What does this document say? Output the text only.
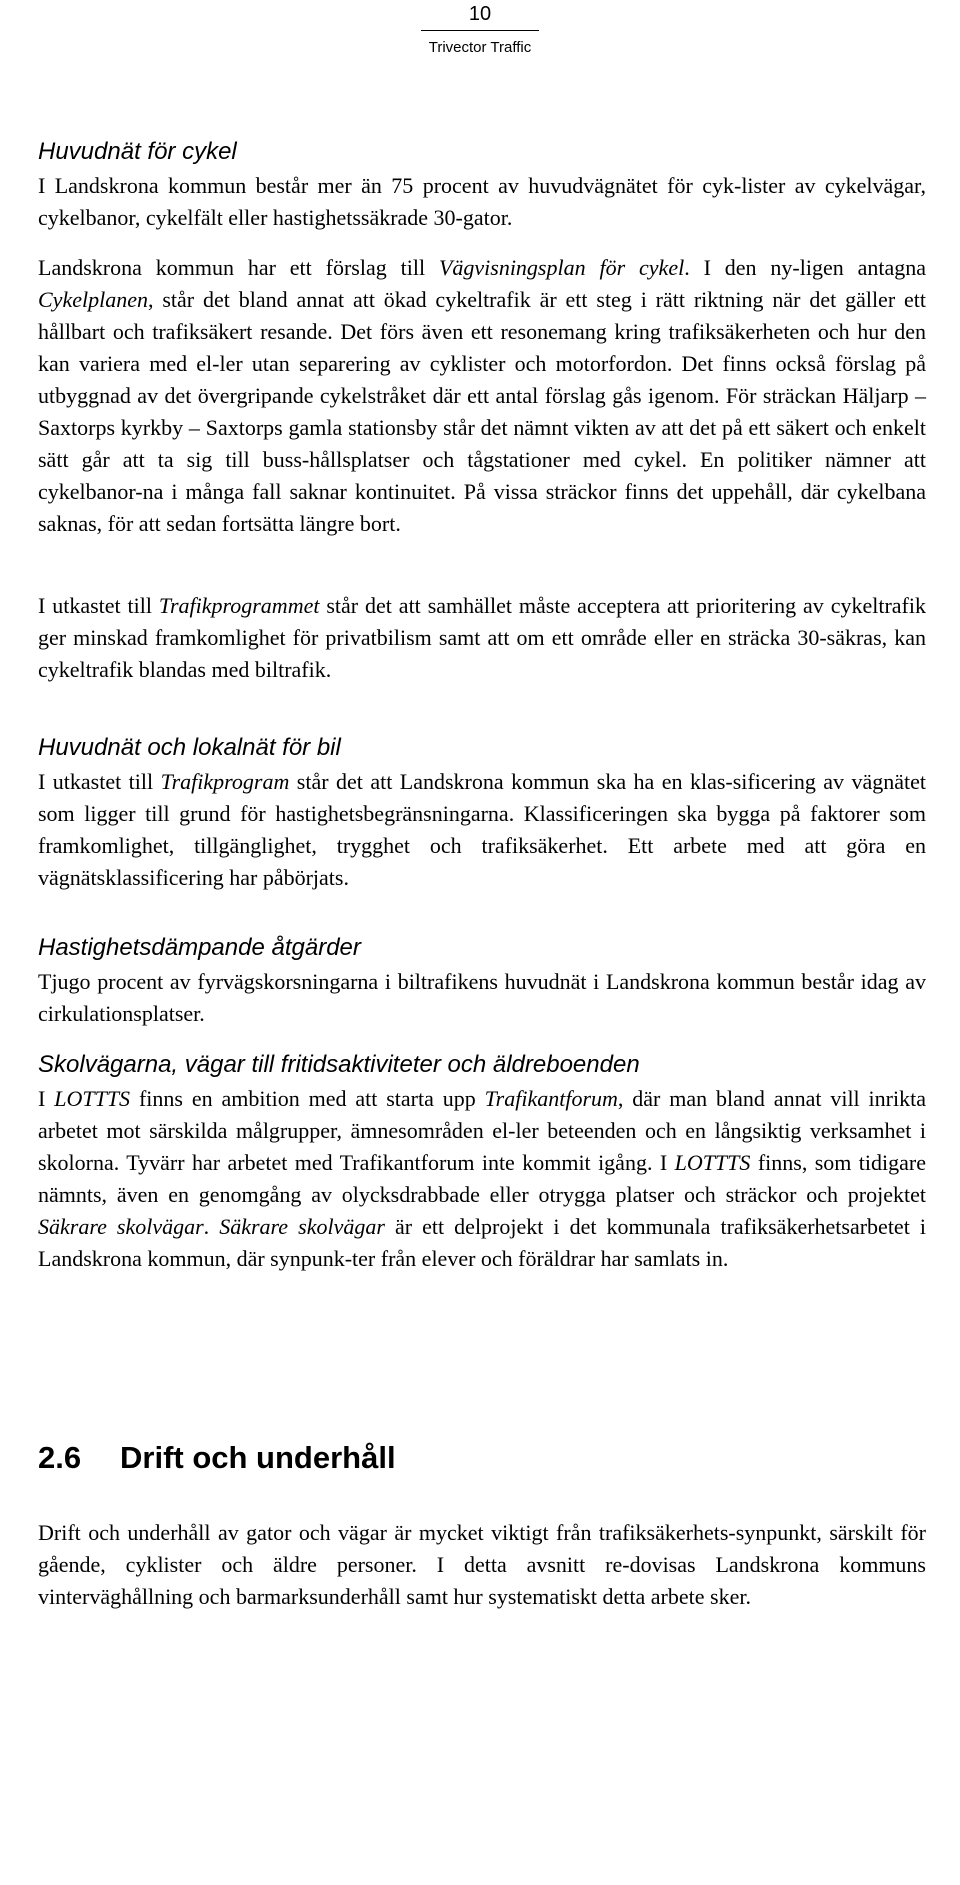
10
Trivector Traffic
Huvudnät för cykel

I Landskrona kommun består mer än 75 procent av huvudvägnätet för cyk-lister av cykelvägar, cykelbanor, cykelfält eller hastighetssäkrade 30-gator.

Landskrona kommun har ett förslag till Vägvisningsplan för cykel. I den ny-ligen antagna Cykelplanen, står det bland annat att ökad cykeltrafik är ett steg i rätt riktning när det gäller ett hållbart och trafiksäkert resande. Det förs även ett resonemang kring trafiksäkerheten och hur den kan variera med el-ler utan separering av cyklister och motorfordon. Det finns också förslag på utbyggnad av det övergripande cykelstråket där ett antal förslag gås igenom. För sträckan Häljarp – Saxtorps kyrkby – Saxtorps gamla stationsby står det nämnt vikten av att det på ett säkert och enkelt sätt går att ta sig till buss-hållsplatser och tågstationer med cykel. En politiker nämner att cykelbanor-na i många fall saknar kontinuitet. På vissa sträckor finns det uppehåll, där cykelbana saknas, för att sedan fortsätta längre bort.

I utkastet till Trafikprogrammet står det att samhället måste acceptera att prioritering av cykeltrafik ger minskad framkomlighet för privatbilism samt att om ett område eller en sträcka 30-säkras, kan cykeltrafik blandas med biltrafik.

Huvudnät och lokalnät för bil

I utkastet till Trafikprogram står det att Landskrona kommun ska ha en klas-sificering av vägnätet som ligger till grund för hastighetsbegränsningarna. Klassificeringen ska bygga på faktorer som framkomlighet, tillgänglighet, trygghet och trafiksäkerhet. Ett arbete med att göra en vägnätsklassificering har påbörjats.

Hastighetsdämpande åtgärder

Tjugo procent av fyrvägskorsningarna i biltrafikens huvudnät i Landskrona kommun består idag av cirkulationsplatser.

Skolvägarna, vägar till fritidsaktiviteter och äldreboenden

I LOTTTS finns en ambition med att starta upp Trafikantforum, där man bland annat vill inrikta arbetet mot särskilda målgrupper, ämnesområden el-ler beteenden och en långsiktig verksamhet i skolorna. Tyvärr har arbetet med Trafikantforum inte kommit igång. I LOTTTS finns, som tidigare nämnts, även en genomgång av olycksdrabbade eller otrygga platser och sträckor och projektet Säkrare skolvägar. Säkrare skolvägar är ett delprojekt i det kommunala trafiksäkerhetsarbetet i Landskrona kommun, där synpunk-ter från elever och föräldrar har samlats in.

2.6 Drift och underhåll

Drift och underhåll av gator och vägar är mycket viktigt från trafiksäkerhets-synpunkt, särskilt för gående, cyklister och äldre personer. I detta avsnitt re-dovisas Landskrona kommuns vinterväghållning och barmarksunderhåll samt hur systematiskt detta arbete sker.
